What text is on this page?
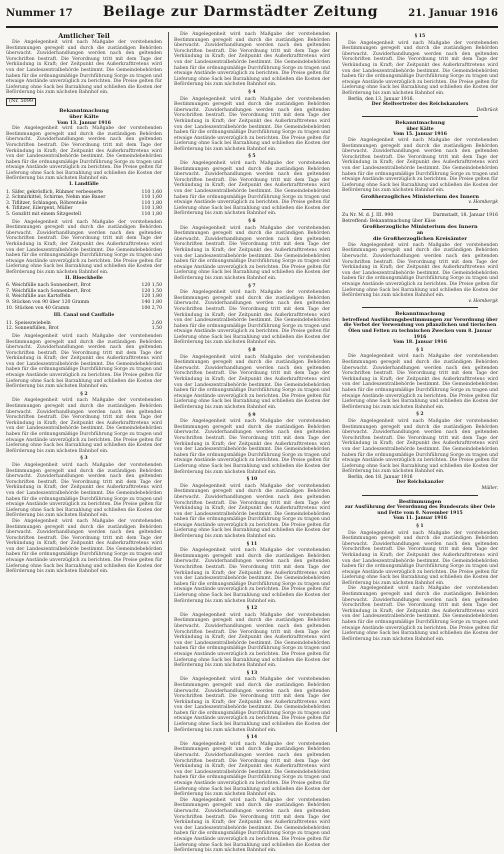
Nummer 17 Beilage zur Darmstädter Zeitung	21. Januar 1916
Amtlicher Teil

Die Angelegenheit wird nach Maßgabe der vorstehenden Bestimmungen geregelt und durch die zuständigen Behörden überwacht. Zuwiderhandlungen werden nach den geltenden Vorschriften bestraft. Die Verordnung tritt mit dem Tage der Verkündung in Kraft; der Zeitpunkt des Außerkrafttretens wird von der Landeszentralbehörde bestimmt. Die Gemeindebehörden haben für die ordnungsmäßige Durchführung Sorge zu tragen und etwaige Anstände unverzüglich zu berichten. Die Preise gelten für Lieferung ohne Sack bei Barzahlung und schließen die Kosten der Beförderung bis zum nächsten Bahnhof ein.

(Nr. 5099
Bekanntmachung
über Kälte
Vom 13. Januar 1916

Die Angelegenheit wird nach Maßgabe der vorstehenden Bestimmungen geregelt und durch die zuständigen Behörden überwacht. Zuwiderhandlungen werden nach den geltenden Vorschriften bestraft. Die Verordnung tritt mit dem Tage der Verkündung in Kraft; der Zeitpunkt des Außerkrafttretens wird von der Landeszentralbehörde bestimmt. Die Gemeindebehörden haben für die ordnungsmäßige Durchführung Sorge zu tragen und etwaige Anstände unverzüglich zu berichten. Die Preise gelten für Lieferung ohne Sack bei Barzahlung und schließen die Kosten der Beförderung bis zum nächsten Bahnhof ein.

I. Landfälle
1. Säfer, gekrösflich, Rühmer verbesserte	110 1,60
2. Schmirkittel, Schirme, Nehm mie Bauer	110 1,60
3. Tiflitzer, Schlangen, Röhrenteile	110 1,80
4. Tiflitzer, Eilergent, Müller	110 1,80
5. Gonzlitt mit einem Sitzgestell	110 1,80

Die Angelegenheit wird nach Maßgabe der vorstehenden Bestimmungen geregelt und durch die zuständigen Behörden überwacht. Zuwiderhandlungen werden nach den geltenden Vorschriften bestraft. Die Verordnung tritt mit dem Tage der Verkündung in Kraft; der Zeitpunkt des Außerkrafttretens wird von der Landeszentralbehörde bestimmt. Die Gemeindebehörden haben für die ordnungsmäßige Durchführung Sorge zu tragen und etwaige Anstände unverzüglich zu berichten. Die Preise gelten für Lieferung ohne Sack bei Barzahlung und schließen die Kosten der Beförderung bis zum nächsten Bahnhof ein.

II. Bloeckbelle
6. Weichfülle nach Sonnenbert, Brot	120 1,50
7. Weichfülle nach Sonnenbert, Brot	120 1,50
8. Weichfülle aus Kartoffeln	120 1,80
9. Stücken von 90 über 120 Gramm	140 1,80
10. Stücken von 40 Gramm	100 2,70
III. Canal und Cauffalle
11. Speisezwiebeln	2,60
12. Sonnenfüllen, Brot	1,50

Die Angelegenheit wird nach Maßgabe der vorstehenden Bestimmungen geregelt und durch die zuständigen Behörden überwacht. Zuwiderhandlungen werden nach den geltenden Vorschriften bestraft. Die Verordnung tritt mit dem Tage der Verkündung in Kraft; der Zeitpunkt des Außerkrafttretens wird von der Landeszentralbehörde bestimmt. Die Gemeindebehörden haben für die ordnungsmäßige Durchführung Sorge zu tragen und etwaige Anstände unverzüglich zu berichten. Die Preise gelten für Lieferung ohne Sack bei Barzahlung und schließen die Kosten der Beförderung bis zum nächsten Bahnhof ein.

§ 2

Die Angelegenheit wird nach Maßgabe der vorstehenden Bestimmungen geregelt und durch die zuständigen Behörden überwacht. Zuwiderhandlungen werden nach den geltenden Vorschriften bestraft. Die Verordnung tritt mit dem Tage der Verkündung in Kraft; der Zeitpunkt des Außerkrafttretens wird von der Landeszentralbehörde bestimmt. Die Gemeindebehörden haben für die ordnungsmäßige Durchführung Sorge zu tragen und etwaige Anstände unverzüglich zu berichten. Die Preise gelten für Lieferung ohne Sack bei Barzahlung und schließen die Kosten der Beförderung bis zum nächsten Bahnhof ein.

§ 3

Die Angelegenheit wird nach Maßgabe der vorstehenden Bestimmungen geregelt und durch die zuständigen Behörden überwacht. Zuwiderhandlungen werden nach den geltenden Vorschriften bestraft. Die Verordnung tritt mit dem Tage der Verkündung in Kraft; der Zeitpunkt des Außerkrafttretens wird von der Landeszentralbehörde bestimmt. Die Gemeindebehörden haben für die ordnungsmäßige Durchführung Sorge zu tragen und etwaige Anstände unverzüglich zu berichten. Die Preise gelten für Lieferung ohne Sack bei Barzahlung und schließen die Kosten der Beförderung bis zum nächsten Bahnhof ein.

Die Angelegenheit wird nach Maßgabe der vorstehenden Bestimmungen geregelt und durch die zuständigen Behörden überwacht. Zuwiderhandlungen werden nach den geltenden Vorschriften bestraft. Die Verordnung tritt mit dem Tage der Verkündung in Kraft; der Zeitpunkt des Außerkrafttretens wird von der Landeszentralbehörde bestimmt. Die Gemeindebehörden haben für die ordnungsmäßige Durchführung Sorge zu tragen und etwaige Anstände unverzüglich zu berichten. Die Preise gelten für Lieferung ohne Sack bei Barzahlung und schließen die Kosten der Beförderung bis zum nächsten Bahnhof ein.

Die Angelegenheit wird nach Maßgabe der vorstehenden Bestimmungen geregelt und durch die zuständigen Behörden überwacht. Zuwiderhandlungen werden nach den geltenden Vorschriften bestraft. Die Verordnung tritt mit dem Tage der Verkündung in Kraft; der Zeitpunkt des Außerkrafttretens wird von der Landeszentralbehörde bestimmt. Die Gemeindebehörden haben für die ordnungsmäßige Durchführung Sorge zu tragen und etwaige Anstände unverzüglich zu berichten. Die Preise gelten für Lieferung ohne Sack bei Barzahlung und schließen die Kosten der Beförderung bis zum nächsten Bahnhof ein.

§ 4

Die Angelegenheit wird nach Maßgabe der vorstehenden Bestimmungen geregelt und durch die zuständigen Behörden überwacht. Zuwiderhandlungen werden nach den geltenden Vorschriften bestraft. Die Verordnung tritt mit dem Tage der Verkündung in Kraft; der Zeitpunkt des Außerkrafttretens wird von der Landeszentralbehörde bestimmt. Die Gemeindebehörden haben für die ordnungsmäßige Durchführung Sorge zu tragen und etwaige Anstände unverzüglich zu berichten. Die Preise gelten für Lieferung ohne Sack bei Barzahlung und schließen die Kosten der Beförderung bis zum nächsten Bahnhof ein.

§ 5

Die Angelegenheit wird nach Maßgabe der vorstehenden Bestimmungen geregelt und durch die zuständigen Behörden überwacht. Zuwiderhandlungen werden nach den geltenden Vorschriften bestraft. Die Verordnung tritt mit dem Tage der Verkündung in Kraft; der Zeitpunkt des Außerkrafttretens wird von der Landeszentralbehörde bestimmt. Die Gemeindebehörden haben für die ordnungsmäßige Durchführung Sorge zu tragen und etwaige Anstände unverzüglich zu berichten. Die Preise gelten für Lieferung ohne Sack bei Barzahlung und schließen die Kosten der Beförderung bis zum nächsten Bahnhof ein.

§ 6

Die Angelegenheit wird nach Maßgabe der vorstehenden Bestimmungen geregelt und durch die zuständigen Behörden überwacht. Zuwiderhandlungen werden nach den geltenden Vorschriften bestraft. Die Verordnung tritt mit dem Tage der Verkündung in Kraft; der Zeitpunkt des Außerkrafttretens wird von der Landeszentralbehörde bestimmt. Die Gemeindebehörden haben für die ordnungsmäßige Durchführung Sorge zu tragen und etwaige Anstände unverzüglich zu berichten. Die Preise gelten für Lieferung ohne Sack bei Barzahlung und schließen die Kosten der Beförderung bis zum nächsten Bahnhof ein.

§ 7

Die Angelegenheit wird nach Maßgabe der vorstehenden Bestimmungen geregelt und durch die zuständigen Behörden überwacht. Zuwiderhandlungen werden nach den geltenden Vorschriften bestraft. Die Verordnung tritt mit dem Tage der Verkündung in Kraft; der Zeitpunkt des Außerkrafttretens wird von der Landeszentralbehörde bestimmt. Die Gemeindebehörden haben für die ordnungsmäßige Durchführung Sorge zu tragen und etwaige Anstände unverzüglich zu berichten. Die Preise gelten für Lieferung ohne Sack bei Barzahlung und schließen die Kosten der Beförderung bis zum nächsten Bahnhof ein.

§ 8

Die Angelegenheit wird nach Maßgabe der vorstehenden Bestimmungen geregelt und durch die zuständigen Behörden überwacht. Zuwiderhandlungen werden nach den geltenden Vorschriften bestraft. Die Verordnung tritt mit dem Tage der Verkündung in Kraft; der Zeitpunkt des Außerkrafttretens wird von der Landeszentralbehörde bestimmt. Die Gemeindebehörden haben für die ordnungsmäßige Durchführung Sorge zu tragen und etwaige Anstände unverzüglich zu berichten. Die Preise gelten für Lieferung ohne Sack bei Barzahlung und schließen die Kosten der Beförderung bis zum nächsten Bahnhof ein.

§ 9

Die Angelegenheit wird nach Maßgabe der vorstehenden Bestimmungen geregelt und durch die zuständigen Behörden überwacht. Zuwiderhandlungen werden nach den geltenden Vorschriften bestraft. Die Verordnung tritt mit dem Tage der Verkündung in Kraft; der Zeitpunkt des Außerkrafttretens wird von der Landeszentralbehörde bestimmt. Die Gemeindebehörden haben für die ordnungsmäßige Durchführung Sorge zu tragen und etwaige Anstände unverzüglich zu berichten. Die Preise gelten für Lieferung ohne Sack bei Barzahlung und schließen die Kosten der Beförderung bis zum nächsten Bahnhof ein.

§ 10

Die Angelegenheit wird nach Maßgabe der vorstehenden Bestimmungen geregelt und durch die zuständigen Behörden überwacht. Zuwiderhandlungen werden nach den geltenden Vorschriften bestraft. Die Verordnung tritt mit dem Tage der Verkündung in Kraft; der Zeitpunkt des Außerkrafttretens wird von der Landeszentralbehörde bestimmt. Die Gemeindebehörden haben für die ordnungsmäßige Durchführung Sorge zu tragen und etwaige Anstände unverzüglich zu berichten. Die Preise gelten für Lieferung ohne Sack bei Barzahlung und schließen die Kosten der Beförderung bis zum nächsten Bahnhof ein.

§ 11

Die Angelegenheit wird nach Maßgabe der vorstehenden Bestimmungen geregelt und durch die zuständigen Behörden überwacht. Zuwiderhandlungen werden nach den geltenden Vorschriften bestraft. Die Verordnung tritt mit dem Tage der Verkündung in Kraft; der Zeitpunkt des Außerkrafttretens wird von der Landeszentralbehörde bestimmt. Die Gemeindebehörden haben für die ordnungsmäßige Durchführung Sorge zu tragen und etwaige Anstände unverzüglich zu berichten. Die Preise gelten für Lieferung ohne Sack bei Barzahlung und schließen die Kosten der Beförderung bis zum nächsten Bahnhof ein.

§ 12

Die Angelegenheit wird nach Maßgabe der vorstehenden Bestimmungen geregelt und durch die zuständigen Behörden überwacht. Zuwiderhandlungen werden nach den geltenden Vorschriften bestraft. Die Verordnung tritt mit dem Tage der Verkündung in Kraft; der Zeitpunkt des Außerkrafttretens wird von der Landeszentralbehörde bestimmt. Die Gemeindebehörden haben für die ordnungsmäßige Durchführung Sorge zu tragen und etwaige Anstände unverzüglich zu berichten. Die Preise gelten für Lieferung ohne Sack bei Barzahlung und schließen die Kosten der Beförderung bis zum nächsten Bahnhof ein.

§ 13

Die Angelegenheit wird nach Maßgabe der vorstehenden Bestimmungen geregelt und durch die zuständigen Behörden überwacht. Zuwiderhandlungen werden nach den geltenden Vorschriften bestraft. Die Verordnung tritt mit dem Tage der Verkündung in Kraft; der Zeitpunkt des Außerkrafttretens wird von der Landeszentralbehörde bestimmt. Die Gemeindebehörden haben für die ordnungsmäßige Durchführung Sorge zu tragen und etwaige Anstände unverzüglich zu berichten. Die Preise gelten für Lieferung ohne Sack bei Barzahlung und schließen die Kosten der Beförderung bis zum nächsten Bahnhof ein.

§ 14

Die Angelegenheit wird nach Maßgabe der vorstehenden Bestimmungen geregelt und durch die zuständigen Behörden überwacht. Zuwiderhandlungen werden nach den geltenden Vorschriften bestraft. Die Verordnung tritt mit dem Tage der Verkündung in Kraft; der Zeitpunkt des Außerkrafttretens wird von der Landeszentralbehörde bestimmt. Die Gemeindebehörden haben für die ordnungsmäßige Durchführung Sorge zu tragen und etwaige Anstände unverzüglich zu berichten. Die Preise gelten für Lieferung ohne Sack bei Barzahlung und schließen die Kosten der Beförderung bis zum nächsten Bahnhof ein.

Die Angelegenheit wird nach Maßgabe der vorstehenden Bestimmungen geregelt und durch die zuständigen Behörden überwacht. Zuwiderhandlungen werden nach den geltenden Vorschriften bestraft. Die Verordnung tritt mit dem Tage der Verkündung in Kraft; der Zeitpunkt des Außerkrafttretens wird von der Landeszentralbehörde bestimmt. Die Gemeindebehörden haben für die ordnungsmäßige Durchführung Sorge zu tragen und etwaige Anstände unverzüglich zu berichten. Die Preise gelten für Lieferung ohne Sack bei Barzahlung und schließen die Kosten der Beförderung bis zum nächsten Bahnhof ein.

§ 15

Die Angelegenheit wird nach Maßgabe der vorstehenden Bestimmungen geregelt und durch die zuständigen Behörden überwacht. Zuwiderhandlungen werden nach den geltenden Vorschriften bestraft. Die Verordnung tritt mit dem Tage der Verkündung in Kraft; der Zeitpunkt des Außerkrafttretens wird von der Landeszentralbehörde bestimmt. Die Gemeindebehörden haben für die ordnungsmäßige Durchführung Sorge zu tragen und etwaige Anstände unverzüglich zu berichten. Die Preise gelten für Lieferung ohne Sack bei Barzahlung und schließen die Kosten der Beförderung bis zum nächsten Bahnhof ein.

Berlin, den 13. Januar 1916.
Der Stellvertreter des Reichskanzlers
Delbrück
Bekanntmachung
über Kälte
Vom 15. Januar 1916

Die Angelegenheit wird nach Maßgabe der vorstehenden Bestimmungen geregelt und durch die zuständigen Behörden überwacht. Zuwiderhandlungen werden nach den geltenden Vorschriften bestraft. Die Verordnung tritt mit dem Tage der Verkündung in Kraft; der Zeitpunkt des Außerkrafttretens wird von der Landeszentralbehörde bestimmt. Die Gemeindebehörden haben für die ordnungsmäßige Durchführung Sorge zu tragen und etwaige Anstände unverzüglich zu berichten. Die Preise gelten für Lieferung ohne Sack bei Barzahlung und schließen die Kosten der Beförderung bis zum nächsten Bahnhof ein.

Großherzogliches Ministerium des Innern
v. Hombergk
Zu Nr. M. d. J. III. 990	Darmstadt, 18. Januar 1916
Betreffend: Bekanntmachung über Käse
Großherzogliche Ministerium des Innern
an
die Großherzoglichen Kreisämter

Die Angelegenheit wird nach Maßgabe der vorstehenden Bestimmungen geregelt und durch die zuständigen Behörden überwacht. Zuwiderhandlungen werden nach den geltenden Vorschriften bestraft. Die Verordnung tritt mit dem Tage der Verkündung in Kraft; der Zeitpunkt des Außerkrafttretens wird von der Landeszentralbehörde bestimmt. Die Gemeindebehörden haben für die ordnungsmäßige Durchführung Sorge zu tragen und etwaige Anstände unverzüglich zu berichten. Die Preise gelten für Lieferung ohne Sack bei Barzahlung und schließen die Kosten der Beförderung bis zum nächsten Bahnhof ein.

v. Hombergk
Bekanntmachung
betreffend Ausführungsbestimmungen zur Verordnung über die Verbot der Verwendung von pflanzlichen und tierischen Ölen und Fetten zu technischen Zwecken vom 8. Januar 1916
Vom 18. Januar 1916
§ 1

Die Angelegenheit wird nach Maßgabe der vorstehenden Bestimmungen geregelt und durch die zuständigen Behörden überwacht. Zuwiderhandlungen werden nach den geltenden Vorschriften bestraft. Die Verordnung tritt mit dem Tage der Verkündung in Kraft; der Zeitpunkt des Außerkrafttretens wird von der Landeszentralbehörde bestimmt. Die Gemeindebehörden haben für die ordnungsmäßige Durchführung Sorge zu tragen und etwaige Anstände unverzüglich zu berichten. Die Preise gelten für Lieferung ohne Sack bei Barzahlung und schließen die Kosten der Beförderung bis zum nächsten Bahnhof ein.

§ 2

Die Angelegenheit wird nach Maßgabe der vorstehenden Bestimmungen geregelt und durch die zuständigen Behörden überwacht. Zuwiderhandlungen werden nach den geltenden Vorschriften bestraft. Die Verordnung tritt mit dem Tage der Verkündung in Kraft; der Zeitpunkt des Außerkrafttretens wird von der Landeszentralbehörde bestimmt. Die Gemeindebehörden haben für die ordnungsmäßige Durchführung Sorge zu tragen und etwaige Anstände unverzüglich zu berichten. Die Preise gelten für Lieferung ohne Sack bei Barzahlung und schließen die Kosten der Beförderung bis zum nächsten Bahnhof ein.

Berlin, den 18. Januar 1916
Der Reichskanzler
Müller.
Bestimmungen
zur Ausführung der Verordnung des Bundesrats über Oele und Fette vom 8. November 1915
Vom 11. Januar 1916
§ 1

Die Angelegenheit wird nach Maßgabe der vorstehenden Bestimmungen geregelt und durch die zuständigen Behörden überwacht. Zuwiderhandlungen werden nach den geltenden Vorschriften bestraft. Die Verordnung tritt mit dem Tage der Verkündung in Kraft; der Zeitpunkt des Außerkrafttretens wird von der Landeszentralbehörde bestimmt. Die Gemeindebehörden haben für die ordnungsmäßige Durchführung Sorge zu tragen und etwaige Anstände unverzüglich zu berichten. Die Preise gelten für Lieferung ohne Sack bei Barzahlung und schließen die Kosten der Beförderung bis zum nächsten Bahnhof ein.

Die Angelegenheit wird nach Maßgabe der vorstehenden Bestimmungen geregelt und durch die zuständigen Behörden überwacht. Zuwiderhandlungen werden nach den geltenden Vorschriften bestraft. Die Verordnung tritt mit dem Tage der Verkündung in Kraft; der Zeitpunkt des Außerkrafttretens wird von der Landeszentralbehörde bestimmt. Die Gemeindebehörden haben für die ordnungsmäßige Durchführung Sorge zu tragen und etwaige Anstände unverzüglich zu berichten. Die Preise gelten für Lieferung ohne Sack bei Barzahlung und schließen die Kosten der Beförderung bis zum nächsten Bahnhof ein.
